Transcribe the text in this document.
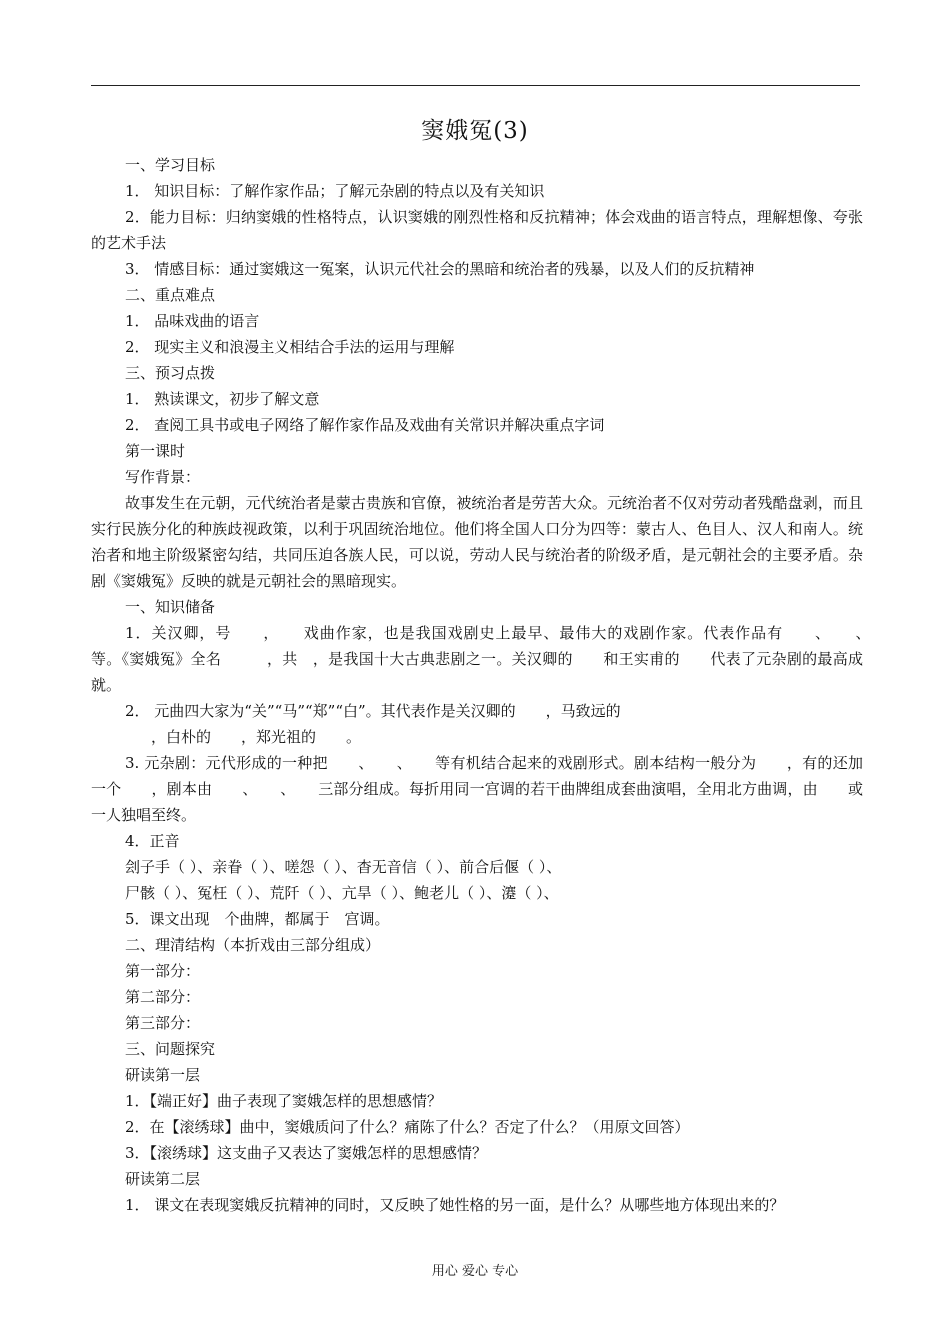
窦娥冤(3)

一、学习目标

1． 知识目标：了解作家作品；了解元杂剧的特点以及有关知识

2．能力目标：归纳窦娥的性格特点，认识窦娥的刚烈性格和反抗精神；体会戏曲的语言特点，理解想像、夸张的艺术手法

3． 情感目标：通过窦娥这一冤案，认识元代社会的黑暗和统治者的残暴，以及人们的反抗精神

二、重点难点

1． 品味戏曲的语言

2． 现实主义和浪漫主义相结合手法的运用与理解

三、预习点拨

1． 熟读课文，初步了解文意

2． 查阅工具书或电子网络了解作家作品及戏曲有关常识并解决重点字词

第一课时

写作背景：

故事发生在元朝，元代统治者是蒙古贵族和官僚，被统治者是劳苦大众。元统治者不仅对劳动者残酷盘剥，而且实行民族分化的种族歧视政策，以利于巩固统治地位。他们将全国人口分为四等：蒙古人、色目人、汉人和南人。统治者和地主阶级紧密勾结，共同压迫各族人民，可以说，劳动人民与统治者的阶级矛盾，是元朝社会的主要矛盾。杂剧《窦娥冤》反映的就是元朝社会的黑暗现实。

一、知识储备

1．关汉卿，号　　，　　戏曲作家，也是我国戏剧史上最早、最伟大的戏剧作家。代表作品有　　、　　、　　等。《窦娥冤》全名　　　，共　，是我国十大古典悲剧之一。关汉卿的　　和王实甫的　　代表了元杂剧的最高成就。

2． 元曲四大家为“关”“马”“郑”“白”。其代表作是关汉卿的　　，马致远的

，白朴的　　，郑光祖的　　。

3. 元杂剧：元代形成的一种把　　、　　、　　等有机结合起来的戏剧形式。剧本结构一般分为　　，有的还加一个　　，剧本由　　、　　、　　三部分组成。每折用同一宫调的若干曲牌组成套曲演唱，全用北方曲调，由　　或　　一人独唱至终。

4．正音

刽子手（ ）、亲眷（ ）、嗟怨（ ）、杳无音信（ ）、前合后偃（ ）、

尸骸（ ）、冤枉（ ）、荒阡（ ）、亢旱（ ）、鲍老儿（ ）、瀽（ ）、

5．课文出现　个曲牌，都属于　宫调。

二、理清结构（本折戏由三部分组成）

第一部分：

第二部分：

第三部分：

三、问题探究

研读第一层

1．【端正好】曲子表现了窦娥怎样的思想感情？

2．在【滚绣球】曲中，窦娥质问了什么？痛陈了什么？否定了什么？（用原文回答）

3．【滚绣球】这支曲子又表达了窦娥怎样的思想感情？

研读第二层

1． 课文在表现窦娥反抗精神的同时，又反映了她性格的另一面，是什么？从哪些地方体现出来的？

用心 爱心 专心
